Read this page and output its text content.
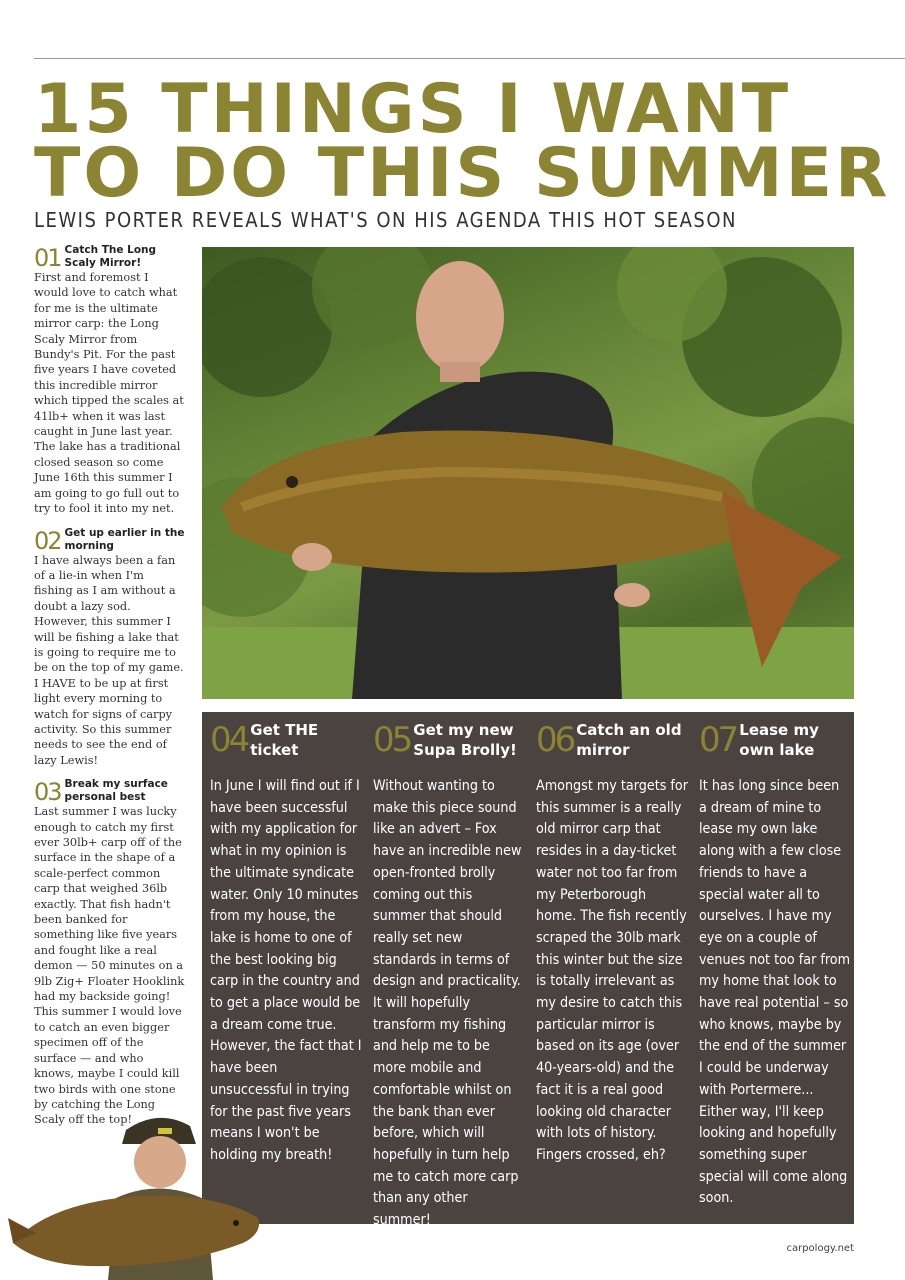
15 THINGS I WANT TO DO THIS SUMMER
LEWIS PORTER REVEALS WHAT'S ON HIS AGENDA THIS HOT SEASON
01 Catch The Long Scaly Mirror!

First and foremost I would love to catch what for me is the ultimate mirror carp: the Long Scaly Mirror from Bundy's Pit. For the past five years I have coveted this incredible mirror which tipped the scales at 41lb+ when it was last caught in June last year. The lake has a traditional closed season so come June 16th this summer I am going to go full out to try to fool it into my net.

02 Get up earlier in the morning

I have always been a fan of a lie-in when I'm fishing as I am without a doubt a lazy sod. However, this summer I will be fishing a lake that is going to require me to be on the top of my game. I HAVE to be up at first light every morning to watch for signs of carpy activity. So this summer needs to see the end of lazy Lewis!

03 Break my surface personal best

Last summer I was lucky enough to catch my first ever 30lb+ carp off of the surface in the shape of a scale-perfect common carp that weighed 36lb exactly. That fish hadn't been banked for something like five years and fought like a real demon — 50 minutes on a 9lb Zig+ Floater Hooklink had my backside going! This summer I would love to catch an even bigger specimen off of the surface — and who knows, maybe I could kill two birds with one stone by catching the Long Scaly off the top!

04 Get THE ticket

In June I will find out if I have been successful with my application for what in my opinion is the ultimate syndicate water. Only 10 minutes from my house, the lake is home to one of the best looking big carp in the country and to get a place would be a dream come true. However, the fact that I have been unsuccessful in trying for the past five years means I won't be holding my breath!

05 Get my new Supa Brolly!

Without wanting to make this piece sound like an advert – Fox have an incredible new open-fronted brolly coming out this summer that should really set new standards in terms of design and practicality. It will hopefully transform my fishing and help me to be more mobile and comfortable whilst on the bank than ever before, which will hopefully in turn help me to catch more carp than any other summer!

06 Catch an old mirror

Amongst my targets for this summer is a really old mirror carp that resides in a day-ticket water not too far from my Peterborough home. The fish recently scraped the 30lb mark this winter but the size is totally irrelevant as my desire to catch this particular mirror is based on its age (over 40-years-old) and the fact it is a real good looking old character with lots of history. Fingers crossed, eh?

07 Lease my own lake

It has long since been a dream of mine to lease my own lake along with a few close friends to have a special water all to ourselves. I have my eye on a couple of venues not too far from my home that look to have real potential – so who knows, maybe by the end of the summer I could be underway with Portermere... Either way, I'll keep looking and hopefully something super special will come along soon.

carpology.net
